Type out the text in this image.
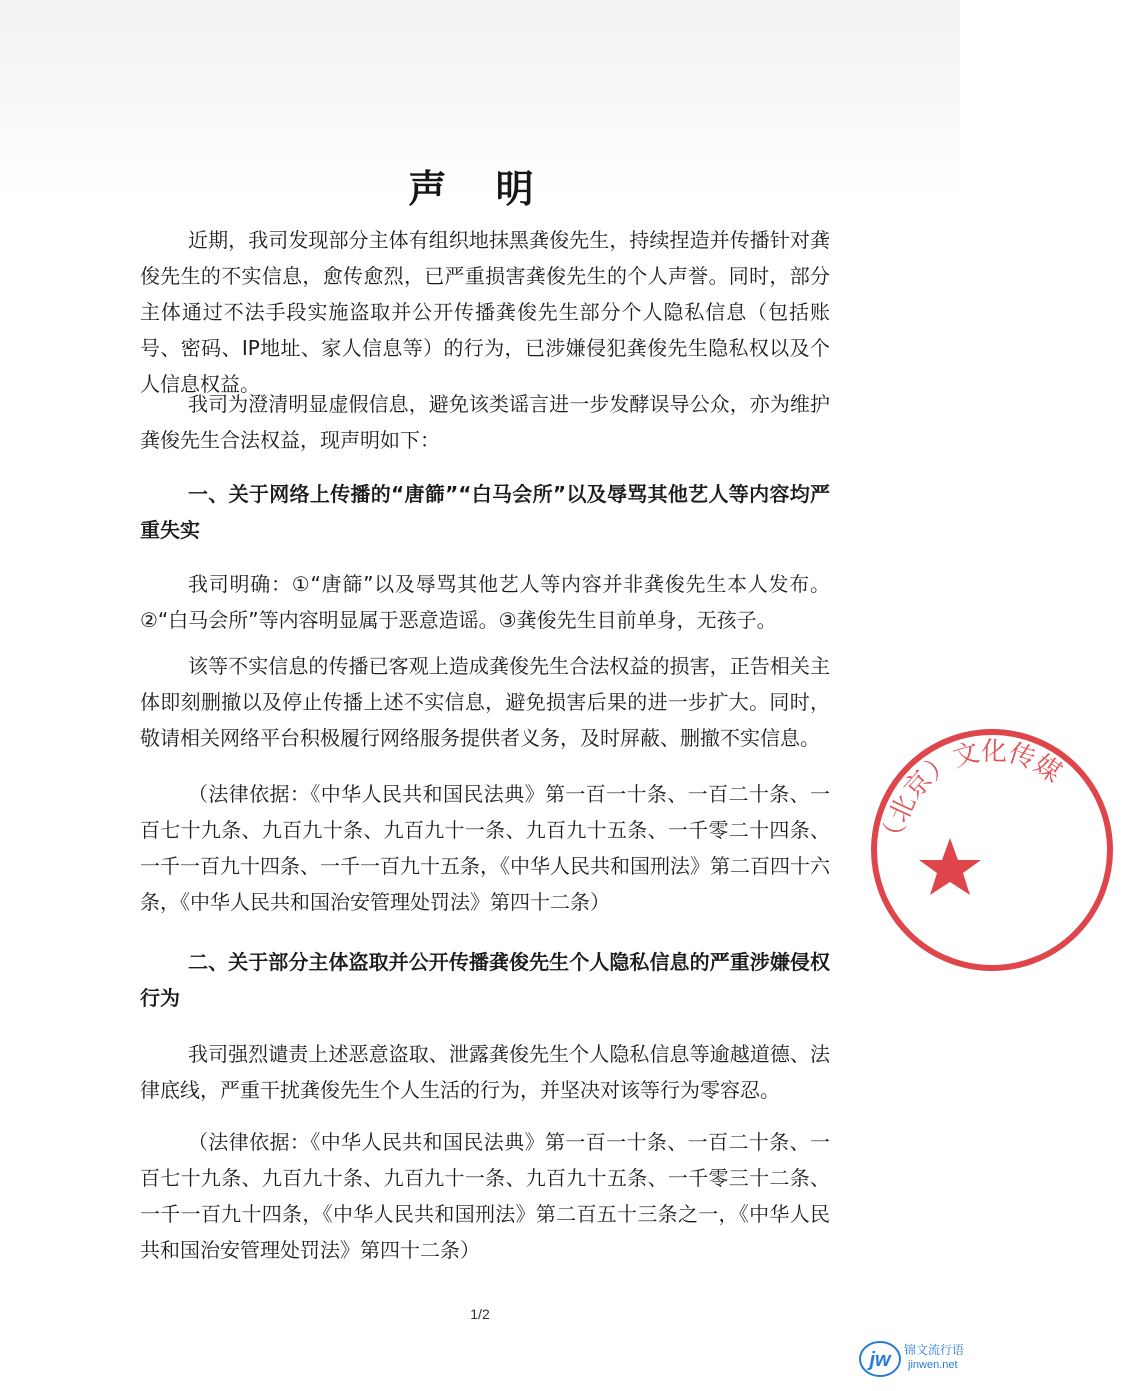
声 明

近期，我司发现部分主体有组织地抹黑龚俊先生，持续捏造并传播针对龚俊先生的不实信息，愈传愈烈，已严重损害龚俊先生的个人声誉。同时，部分主体通过不法手段实施盗取并公开传播龚俊先生部分个人隐私信息（包括账号、密码、IP地址、家人信息等）的行为，已涉嫌侵犯龚俊先生隐私权以及个人信息权益。

我司为澄清明显虚假信息，避免该类谣言进一步发酵误导公众，亦为维护龚俊先生合法权益，现声明如下：

一、关于网络上传播的“唐篩”“白马会所”以及辱骂其他艺人等内容均严重失实

我司明确：①“唐篩”以及辱骂其他艺人等内容并非龚俊先生本人发布。②“白马会所”等内容明显属于恶意造谣。③龚俊先生目前单身，无孩子。

该等不实信息的传播已客观上造成龚俊先生合法权益的损害，正告相关主体即刻删撤以及停止传播上述不实信息，避免损害后果的进一步扩大。同时，敬请相关网络平台积极履行网络服务提供者义务，及时屏蔽、删撤不实信息。

（法律依据：《中华人民共和国民法典》第一百一十条、一百二十条、一百七十九条、九百九十条、九百九十一条、九百九十五条、一千零二十四条、一千一百九十四条、一千一百九十五条，《中华人民共和国刑法》第二百四十六条，《中华人民共和国治安管理处罚法》第四十二条）

二、关于部分主体盗取并公开传播龚俊先生个人隐私信息的严重涉嫌侵权行为

我司强烈谴责上述恶意盗取、泄露龚俊先生个人隐私信息等逾越道德、法律底线，严重干扰龚俊先生个人生活的行为，并坚决对该等行为零容忍。

（法律依据：《中华人民共和国民法典》第一百一十条、一百二十条、一百七十九条、九百九十条、九百九十一条、九百九十五条、一千零三十二条、一千一百九十四条，《中华人民共和国刑法》第二百五十三条之一，《中华人民共和国治安管理处罚法》第四十二条）

1/2
（北京）文化传媒
jw 锦文流行语
jinwen.net
